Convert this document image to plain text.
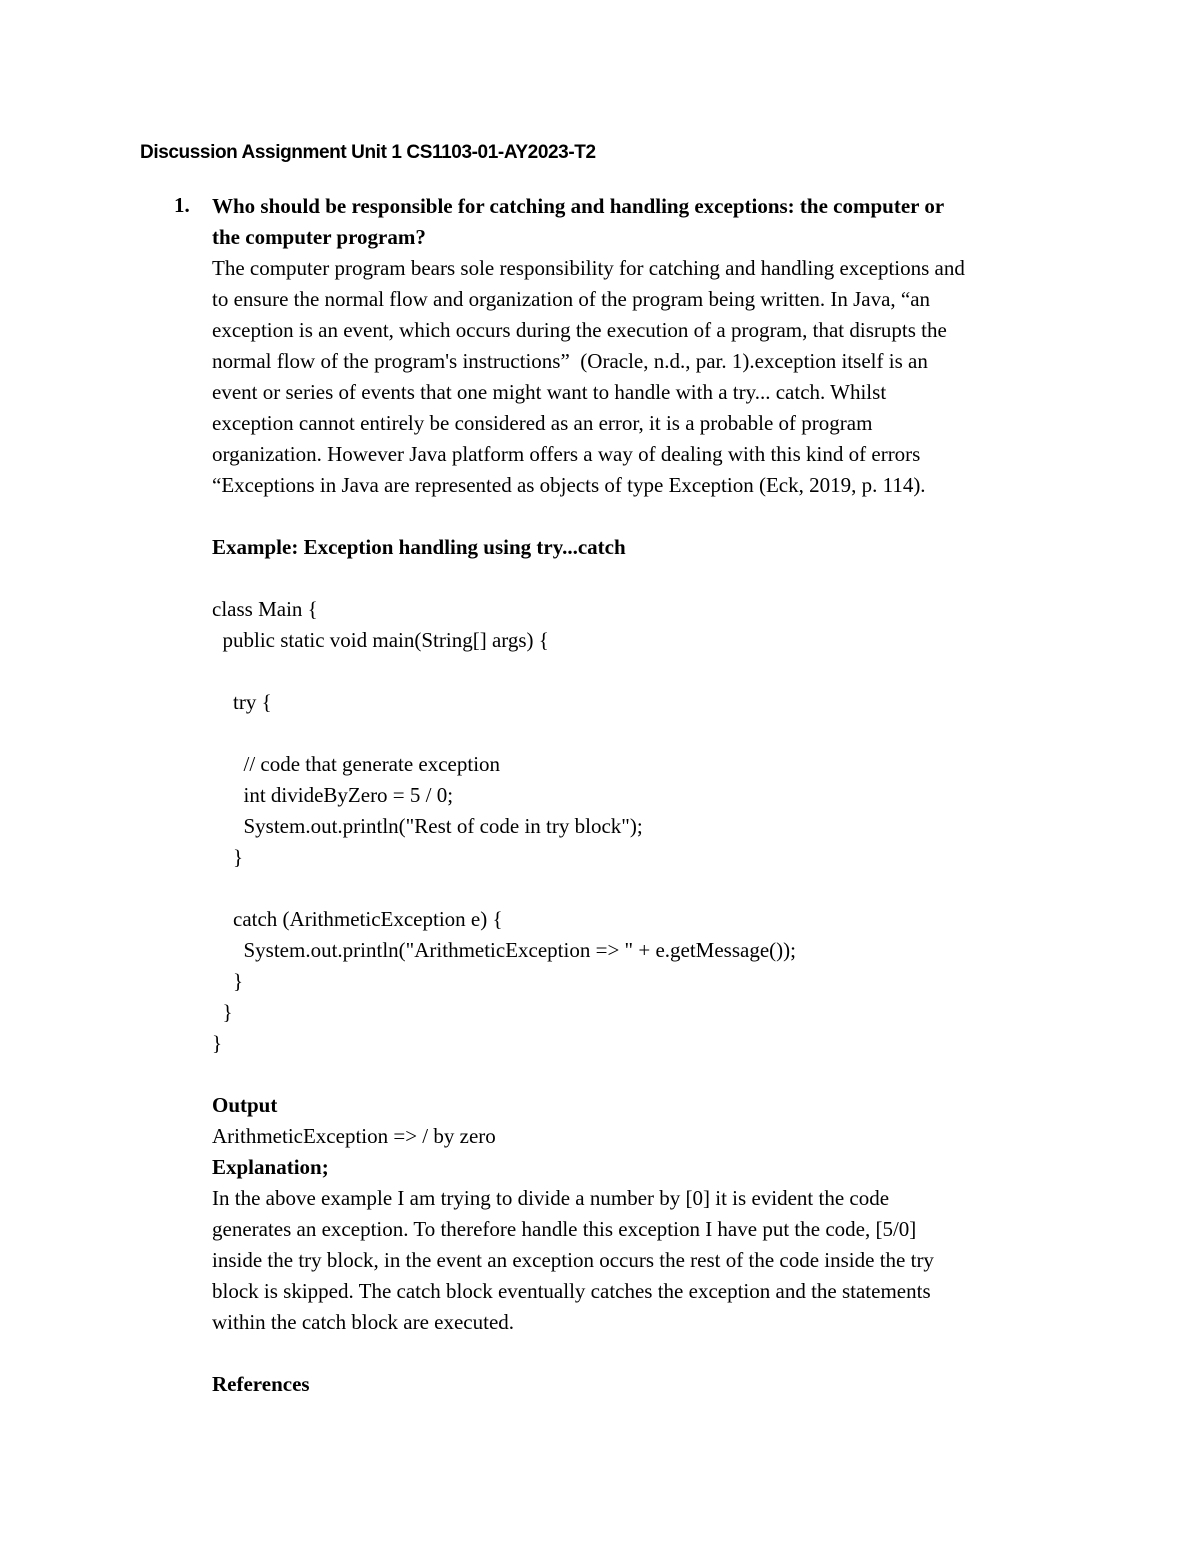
Discussion Assignment Unit 1 CS1103-01-AY2023-T2
1. Who should be responsible for catching and handling exceptions: the computer or
the computer program?
The computer program bears sole responsibility for catching and handling exceptions and
to ensure the normal flow and organization of the program being written. In Java, “an
exception is an event, which occurs during the execution of a program, that disrupts the
normal flow of the program's instructions”  (Oracle, n.d., par. 1).exception itself is an
event or series of events that one might want to handle with a try... catch. Whilst
exception cannot entirely be considered as an error, it is a probable of program
organization. However Java platform offers a way of dealing with this kind of errors
“Exceptions in Java are represented as objects of type Exception (Eck, 2019, p. 114).
Example: Exception handling using try...catch
class Main {
public static void main(String[] args) {
try {
// code that generate exception
int divideByZero = 5 / 0;
System.out.println("Rest of code in try block");
}
catch (ArithmeticException e) {
System.out.println("ArithmeticException => " + e.getMessage());
}
}
}
Output
ArithmeticException => / by zero
Explanation;
In the above example I am trying to divide a number by [0] it is evident the code
generates an exception. To therefore handle this exception I have put the code, [5/0]
inside the try block, in the event an exception occurs the rest of the code inside the try
block is skipped. The catch block eventually catches the exception and the statements
within the catch block are executed.
References
